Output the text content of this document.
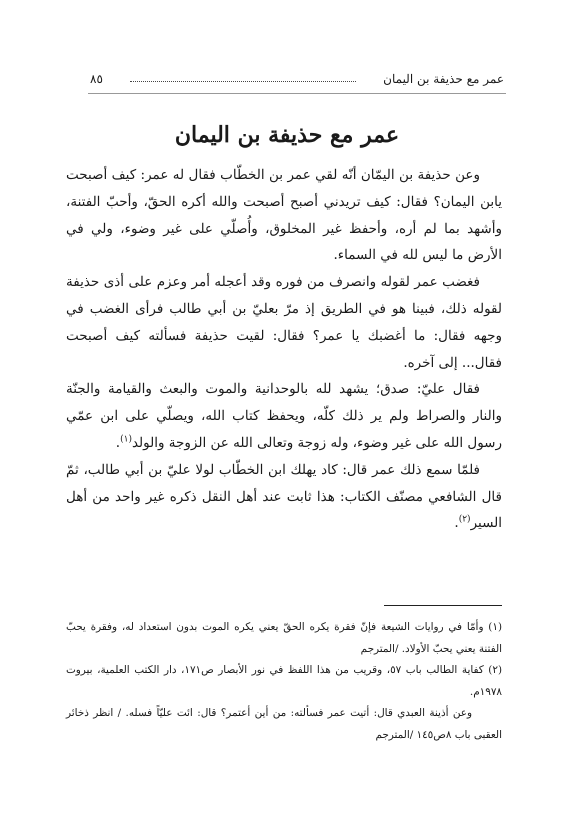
عمر مع حذيفة بن اليمان
٨٥
عمر مع حذيفة بن اليمان

وعن حذيفة بن اليمّان أنّه لقي عمر بن الخطّاب فقال له عمر: كيف أصبحت يابن اليمان؟ فقال: كيف تريدني أصبح أصبحت والله أكره الحقّ، وأحبّ الفتنة، وأشهد بما لم أره، وأحفظ غير المخلوق، وأُصلّي على غير وضوء، ولي في الأرض ما ليس لله في السماء.

فغضب عمر لقوله وانصرف من فوره وقد أعجله أمر وعزم على أذى حذيفة لقوله ذلك، فبينا هو في الطريق إذ مرّ بعليّ بن أبي طالب فرأى الغضب في وجهه فقال: ما أغضبك يا عمر؟ فقال: لقيت حذيفة فسألته كيف أصبحت فقال... إلى آخره.

فقال عليّ: صدق؛ يشهد لله بالوحدانية والموت والبعث والقيامة والجنّة والنار والصراط ولم ير ذلك كلّه، ويحفظ كتاب الله، ويصلّي على ابن عمّي رسول الله على غير وضوء، وله زوجة وتعالى الله عن الزوجة والولد$^{(١)}$.

فلمّا سمع ذلك عمر قال: كاد يهلك ابن الخطّاب لولا عليّ بن أبي طالب، ثمّ قال الشافعي مصنّف الكتاب: هذا ثابت عند أهل النقل ذكره غير واحد من أهل السير$^{(٢)}$.

(١) وأمّا في روايات الشيعة فإنّ فقرة يكره الحقّ يعني يكره الموت بدون استعداد له، وفقرة يحبّ الفتنة يعني يحبّ الأولاد. /المترجم

(٢) كفاية الطالب باب ٥٧، وقريب من هذا اللفظ في نور الأبصار ص١٧١، دار الكتب العلمية، بيروت ١٩٧٨م.

وعن أذينة العبدي قال: أتيت عمر فسألته: من أين أعتمر؟ قال: ائت عليّاً فسله. / انظر ذخائر العقبى باب ٨ص١٤٥ /المترجم
